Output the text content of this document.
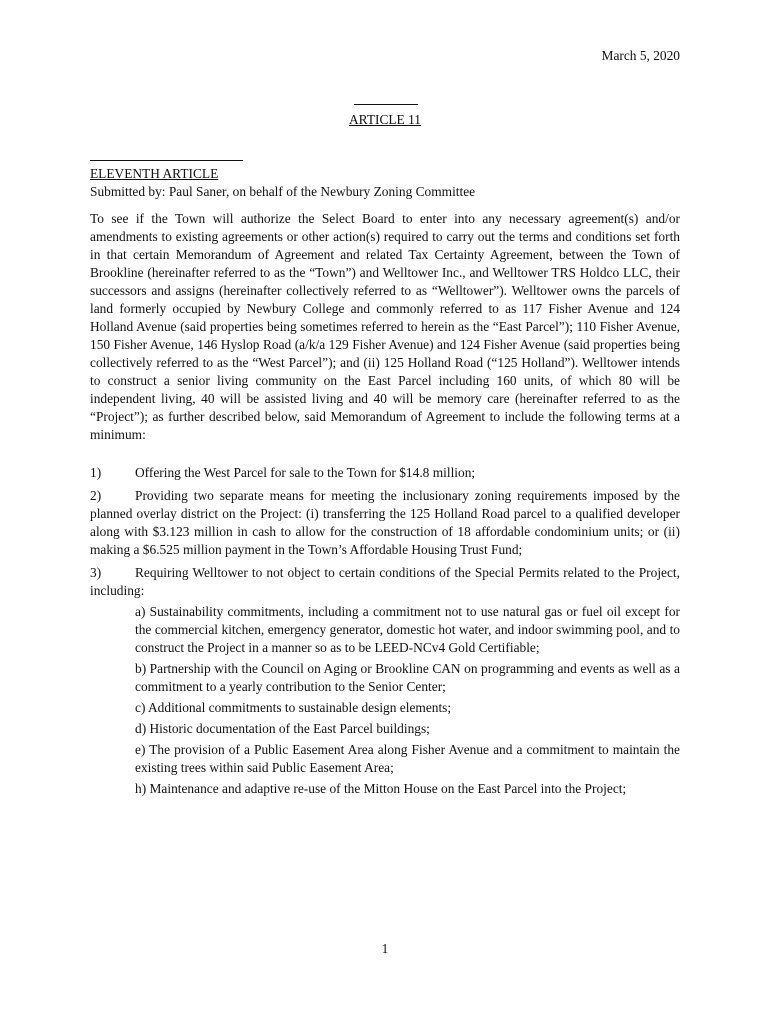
March 5, 2020
ARTICLE 11
ELEVENTH ARTICLE
Submitted by: Paul Saner, on behalf of the Newbury Zoning Committee
To see if the Town will authorize the Select Board to enter into any necessary agreement(s) and/or amendments to existing agreements or other action(s) required to carry out the terms and conditions set forth in that certain Memorandum of Agreement and related Tax Certainty Agreement, between the Town of Brookline (hereinafter referred to as the “Town”) and Welltower Inc., and Welltower TRS Holdco LLC, their successors and assigns (hereinafter collectively referred to as “Welltower”). Welltower owns the parcels of land formerly occupied by Newbury College and commonly referred to as 117 Fisher Avenue and 124 Holland Avenue (said properties being sometimes referred to herein as the “East Parcel”); 110 Fisher Avenue, 150 Fisher Avenue, 146 Hyslop Road (a/k/a 129 Fisher Avenue) and 124 Fisher Avenue (said properties being collectively referred to as the “West Parcel”); and (ii) 125 Holland Road (“125 Holland”). Welltower intends to construct a senior living community on the East Parcel including 160 units, of which 80 will be independent living, 40 will be assisted living and 40 will be memory care (hereinafter referred to as the “Project”); as further described below, said Memorandum of Agreement to include the following terms at a minimum:
1)	Offering the West Parcel for sale to the Town for $14.8 million;
2)	Providing two separate means for meeting the inclusionary zoning requirements imposed by the planned overlay district on the Project: (i) transferring the 125 Holland Road parcel to a qualified developer along with $3.123 million in cash to allow for the construction of 18 affordable condominium units; or (ii) making a $6.525 million payment in the Town’s Affordable Housing Trust Fund;
3)	Requiring Welltower to not object to certain conditions of the Special Permits related to the Project, including:
a) Sustainability commitments, including a commitment not to use natural gas or fuel oil except for the commercial kitchen, emergency generator, domestic hot water, and indoor swimming pool, and to construct the Project in a manner so as to be LEED-NCv4 Gold Certifiable;
b) Partnership with the Council on Aging or Brookline CAN on programming and events as well as a commitment to a yearly contribution to the Senior Center;
c) Additional commitments to sustainable design elements;
d) Historic documentation of the East Parcel buildings;
e) The provision of a Public Easement Area along Fisher Avenue and a commitment to maintain the existing trees within said Public Easement Area;
h) Maintenance and adaptive re-use of the Mitton House on the East Parcel into the Project;
1
